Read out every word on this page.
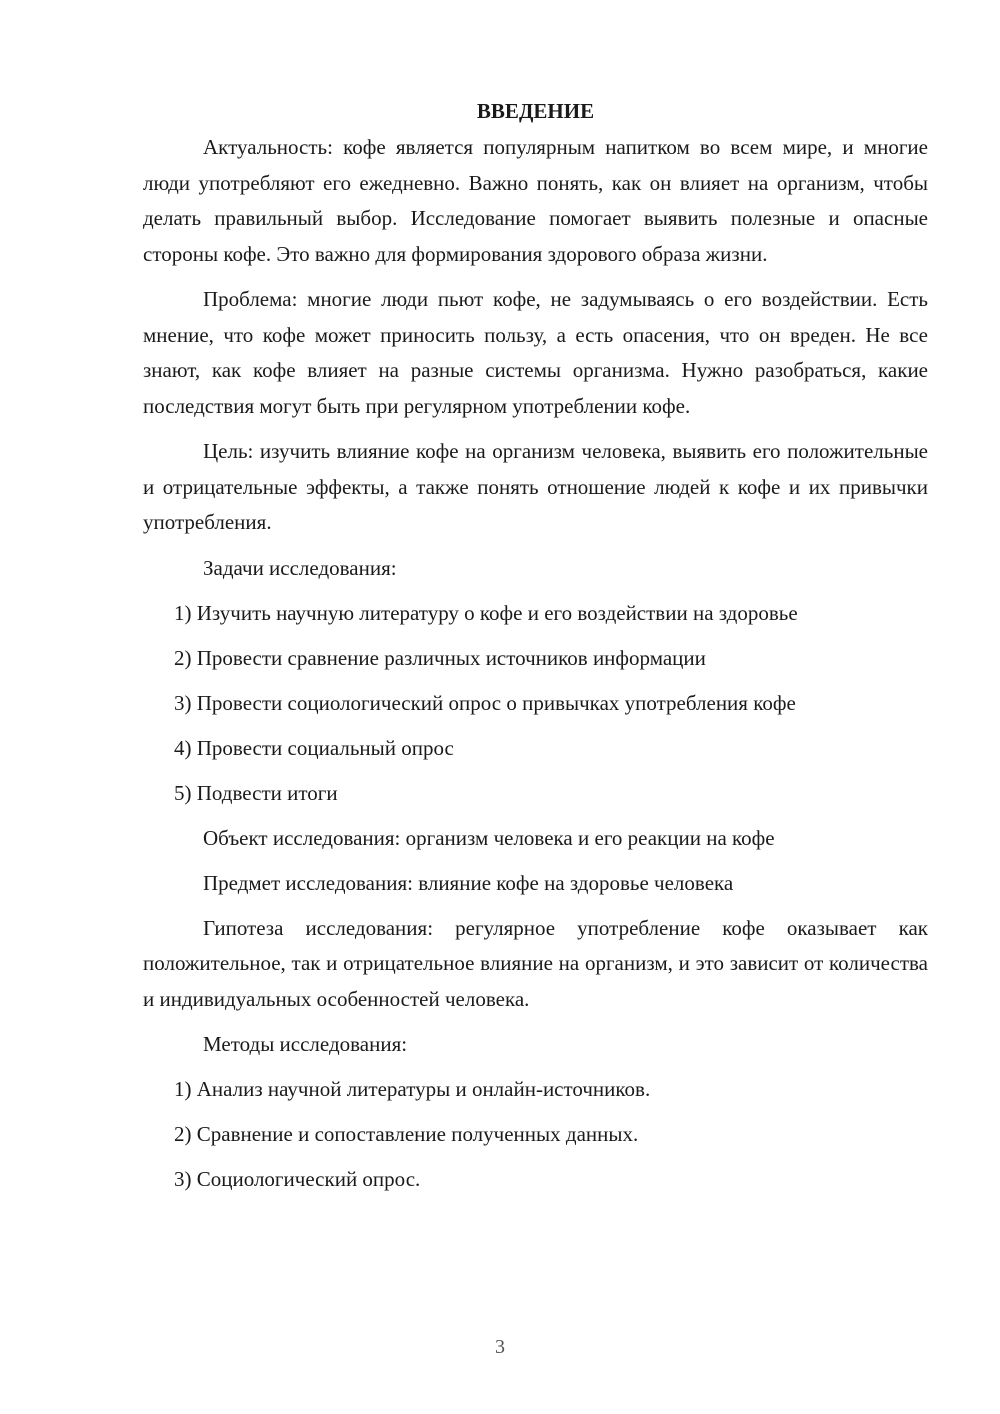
ВВЕДЕНИЕ

Актуальность: кофе является популярным напитком во всем мире, и многие люди употребляют его ежедневно. Важно понять, как он влияет на организм, чтобы делать правильный выбор. Исследование помогает выявить полезные и опасные стороны кофе. Это важно для формирования здорового образа жизни.

Проблема: многие люди пьют кофе, не задумываясь о его воздействии. Есть мнение, что кофе может приносить пользу, а есть опасения, что он вреден. Не все знают, как кофе влияет на разные системы организма. Нужно разобраться, какие последствия могут быть при регулярном употреблении кофе.

Цель: изучить влияние кофе на организм человека, выявить его положительные и отрицательные эффекты, а также понять отношение людей к кофе и их привычки употребления.

Задачи исследования:

1) Изучить научную литературу о кофе и его воздействии на здоровье

2) Провести сравнение различных источников информации

3) Провести социологический опрос о привычках употребления кофе

4) Провести социальный опрос

5) Подвести итоги

Объект исследования: организм человека и его реакции на кофе

Предмет исследования: влияние кофе на здоровье человека

Гипотеза исследования: регулярное употребление кофе оказывает как положительное, так и отрицательное влияние на организм, и это зависит от количества и индивидуальных особенностей человека.

Методы исследования:

1) Анализ научной литературы и онлайн-источников.

2) Сравнение и сопоставление полученных данных.

3) Социологический опрос.

3
